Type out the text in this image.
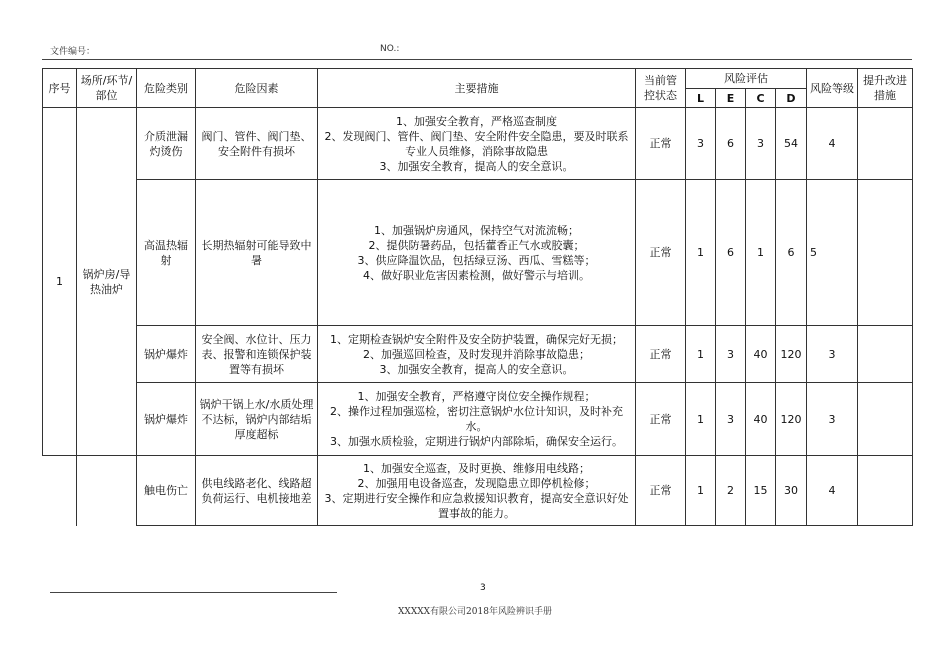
文件编号：	NO.:
序号	场所/环节/部位	危险类别	危险因素	主要措施	当前管控状态	风险评估				风险等级	提升改进措施
						L	E	C	D		
1	锅炉房/导热油炉	介质泄漏灼烫伤	阀门、管件、阀门垫、安全附件有损坏	1、加强安全教育，严格巡查制度
2、发现阀门、管件、阀门垫、安全附件安全隐患，要及时联系专业人员维修，消除事故隐患
3、加强安全教育，提高人的安全意识。	正常	3	6	3	54	4	
		高温热辐射	长期热辐射可能导致中暑	1、加强锅炉房通风，保持空气对流流畅；
2、提供防暑药品，包括藿香正气水或胶囊；
3、供应降温饮品，包括绿豆汤、西瓜、雪糕等；
4、做好职业危害因素检测，做好警示与培训。	正常	1	6	1	6	5	
		锅炉爆炸	安全阀、水位计、压力表、报警和连锁保护装置等有损坏	1、定期检查锅炉安全附件及安全防护装置，确保完好无损；
2、加强巡回检查，及时发现并消除事故隐患；
3、加强安全教育，提高人的安全意识。	正常	1	3	40	120	3	
		锅炉爆炸	锅炉干锅上水/水质处理不达标，锅炉内部结垢厚度超标	1、加强安全教育，严格遵守岗位安全操作规程；
2、操作过程加强巡检，密切注意锅炉水位计知识，及时补充水。
3、加强水质检验，定期进行锅炉内部除垢，确保安全运行。	正常	1	3	40	120	3	
		触电伤亡	供电线路老化、线路超负荷运行、电机接地差	1、加强安全巡查，及时更换、维修用电线路；
2、加强用电设备巡查，发现隐患立即停机检修；
3、定期进行安全操作和应急救援知识教育，提高安全意识好处置事故的能力。	正常	1	2	15	30	4	
3
XXXXX有限公司2018年风险辨识手册
